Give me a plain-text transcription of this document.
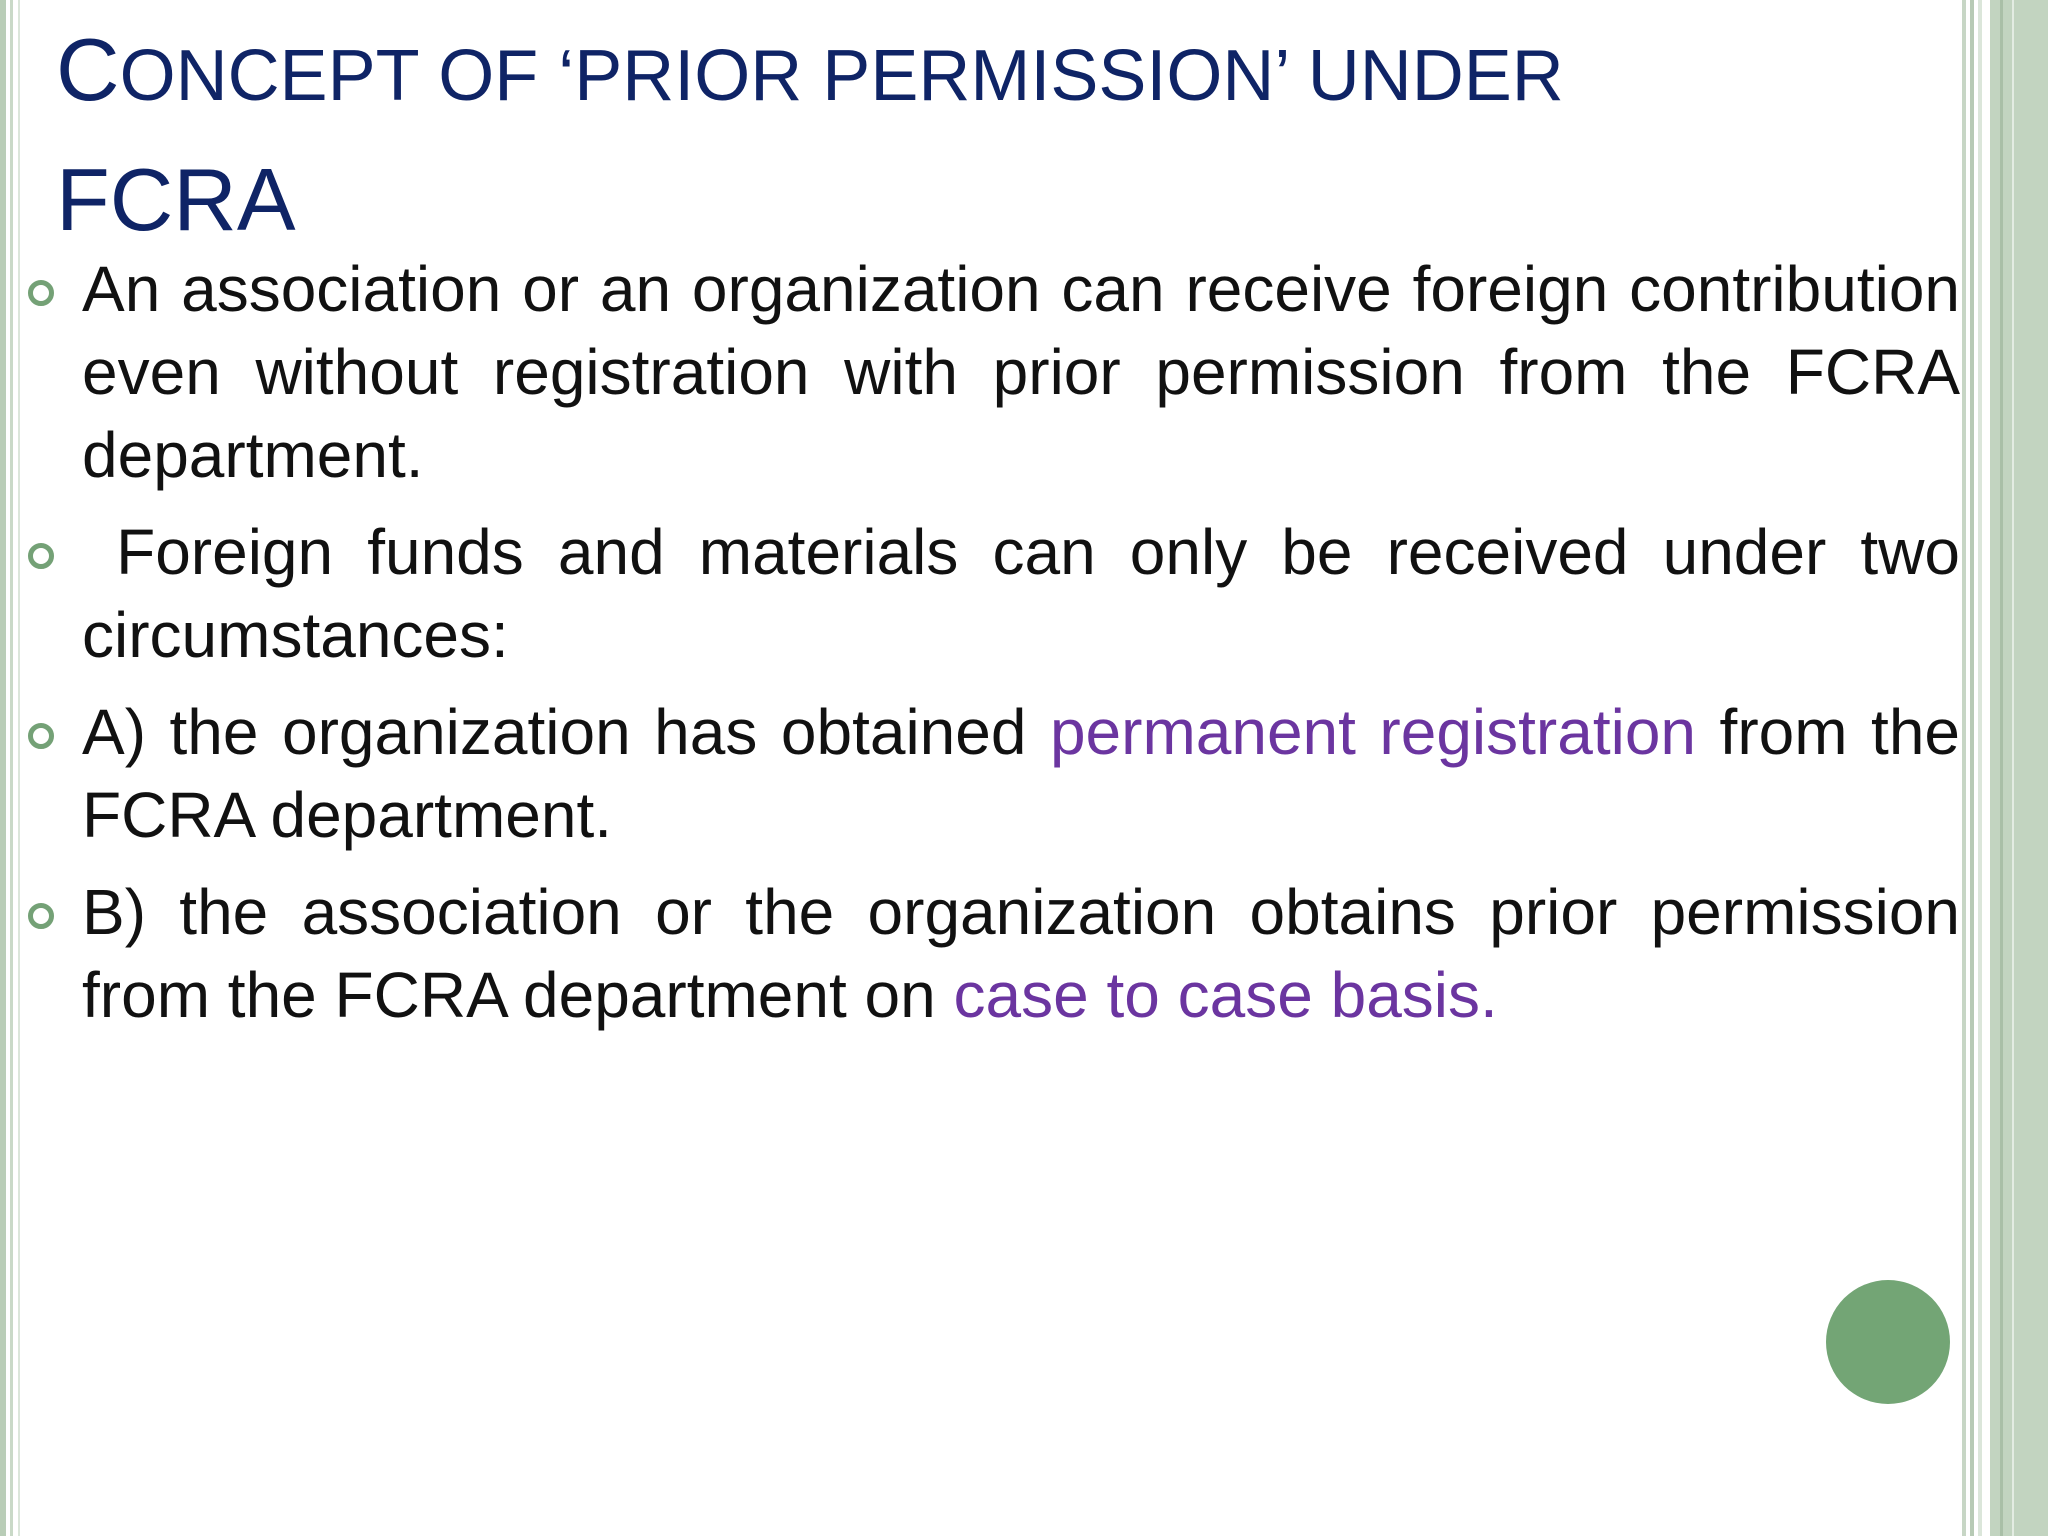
CONCEPT OF ‘PRIOR PERMISSION’ UNDER
FCRA
An association or an organization can receive foreign contribution even without registration with prior permission from the FCRA department.
Foreign funds and materials can only be received under two circumstances:
A) the organization has obtained permanent registration from the FCRA department.
B) the association or the organization obtains prior permission from the FCRA department on case to case basis.
